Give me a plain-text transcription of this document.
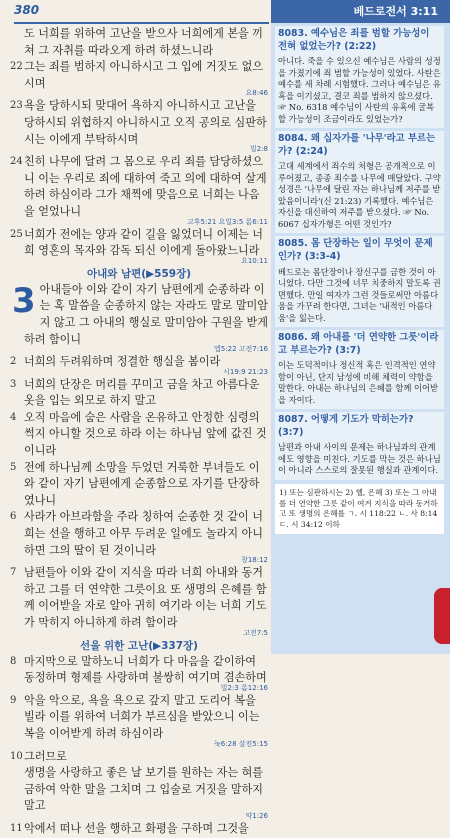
380
도 너희를 위하여 고난을 받으사 너희에게 본을 끼쳐 그 자취를 따라오게 하려 하셨느니라
22 그는 죄를 범하지 아니하시고 그 입에 거짓도 없으시며
요8:46
23 욕을 당하시되 맞대어 욕하지 아니하시고 고난을 당하시되 위협하지 아니하시고 오직 공의로 심판하시는 이에게 부탁하시며
빌2:8
24 친히 나무에 달려 그 몸으로 우리 죄를 담당하셨으니 이는 우리로 죄에 대하여 죽고 의에 대하여 살게 하려 하심이라 그가 채찍에 맞음으로 너희는 나음을 얻었나니
고후5:21 요일3:5 롬6:11
25 너희가 전에는 양과 같이 길을 잃었더니 이제는 너희 영혼의 목자와 감독 되신 이에게 돌아왔느니라
요10:11
아내와 남편(▶559장)
3 아내들아 이와 같이 자기 남편에게 순종하라 이는 혹 말씀을 순종하지 않는 자라도 말로 말미암지 않고 그 아내의 행실로 말미암아 구원을 받게 하려 함이니
엡5:22 고전7:16
2 너희의 두려워하며 정결한 행실을 봄이라
시19:9 21:23
3 너희의 단장은 머리를 꾸미고 금을 차고 아름다운 옷을 입는 외모로 하지 말고
4 오직 마음에 숨은 사람을 온유하고 안정한 심령의 썩지 아니할 것으로 하라 이는 하나님 앞에 값진 것이니라
5 전에 하나님께 소망을 두었던 거룩한 부녀들도 이와 같이 자기 남편에게 순종함으로 자기를 단장하였나니
6 사라가 아브라함을 주라 칭하여 순종한 것 같이 너희는 선을 행하고 아무 두려운 일에도 놀라지 아니하면 그의 딸이 된 것이니라
창18:12
7 남편들아 이와 같이 지식을 따라 너희 아내와 동거하고 그를 더 연약한 그릇이요 또 생명의 은혜를 함께 이어받을 자로 알아 귀히 여기라 이는 너희 기도가 막히지 아니하게 하려 함이라
고전7:5
선을 위한 고난(▶337장)
8 마지막으로 말하노니 너희가 다 마음을 같이하여 동정하며 형제를 사랑하며 불쌍히 여기며 겸손하며
빌2:3 롬12:16
9 악을 악으로, 욕을 욕으로 갚지 말고 도리어 복을 빌라 이를 위하여 너희가 부르심을 받았으니 이는 복을 이어받게 하려 하심이라
눅6:28 살전5:15
10 그러므로
생명을 사랑하고 좋은 날 보기를 원하는 자는 혀를 금하여 악한 말을 그치며 그 입술로 거짓을 말하지 말고
약1:26
11 악에서 떠나 선을 행하고 화평을 구하며 그것을
베드로전서 3:11
8083. 예수님은 죄를 범할 가능성이 전혀 없었는가? (2:22)
아니다. 죽을 수 있으신 예수님은 사람의 성정을 가졌기에 죄 범할 가능성이 있었다. 사탄은 예수를 세 차례 시험했다. 그러나 예수님은 유혹을 이기셨고, 결코 죄를 범하지 않으셨다. ☞ No. 6318 예수님이 사탄의 유혹에 굴복할 가능성이 조금이라도 있었는가?
8084. 왜 십자가를 '나무'라고 부르는가? (2:24)
고대 세계에서 죄수의 처형은 공개적으로 이루어졌고, 종종 죄수를 나무에 매달았다. 구약 성경은 '나무에 달린 자는 하나님께 저주를 받았음이니라'(신 21:23) 기록했다. 예수님은 자신을 대신하여 저주를 받으셨다. ☞ No. 6067 십자가형은 어떤 것인가?
8085. 몸 단장하는 일이 무엇이 문제인가? (3:3-4)
베드로는 몸단장이나 장신구를 금한 것이 아니었다. 다만 그것에 너무 치중하지 말도록 권면했다. 만일 여자가 그런 것들로써만 아름다움을 가꾸려 한다면, 그녀는 '내적인 아름다움'을 잃는다.
8086. 왜 아내를 '더 연약한 그릇'이라고 부르는가? (3:7)
이는 도덕적이나 정신적 혹은 인격적인 연약함이 아닌, 단지 남성에 비해 체력이 약함을 말한다. 아내는 하나님의 은혜를 함께 이어받을 자이다.
8087. 어떻게 기도가 막히는가? (3:7)
남편과 아내 사이의 문제는 하나님과의 관계에도 영향을 미친다. 기도를 막는 것은 하나님이 아니라 스스로의 잘못된 행실과 관계이다.
1) 또는 심판하시는 2) 헬, 은혜 3) 또는 그 아내를 더 연약한 그릇 같이 여겨 지식을 따라 동거하고 또 생명의 은혜를 ㄱ. 시 118:22 ㄴ. 사 8:14 ㄷ. 시 34:12 이하
